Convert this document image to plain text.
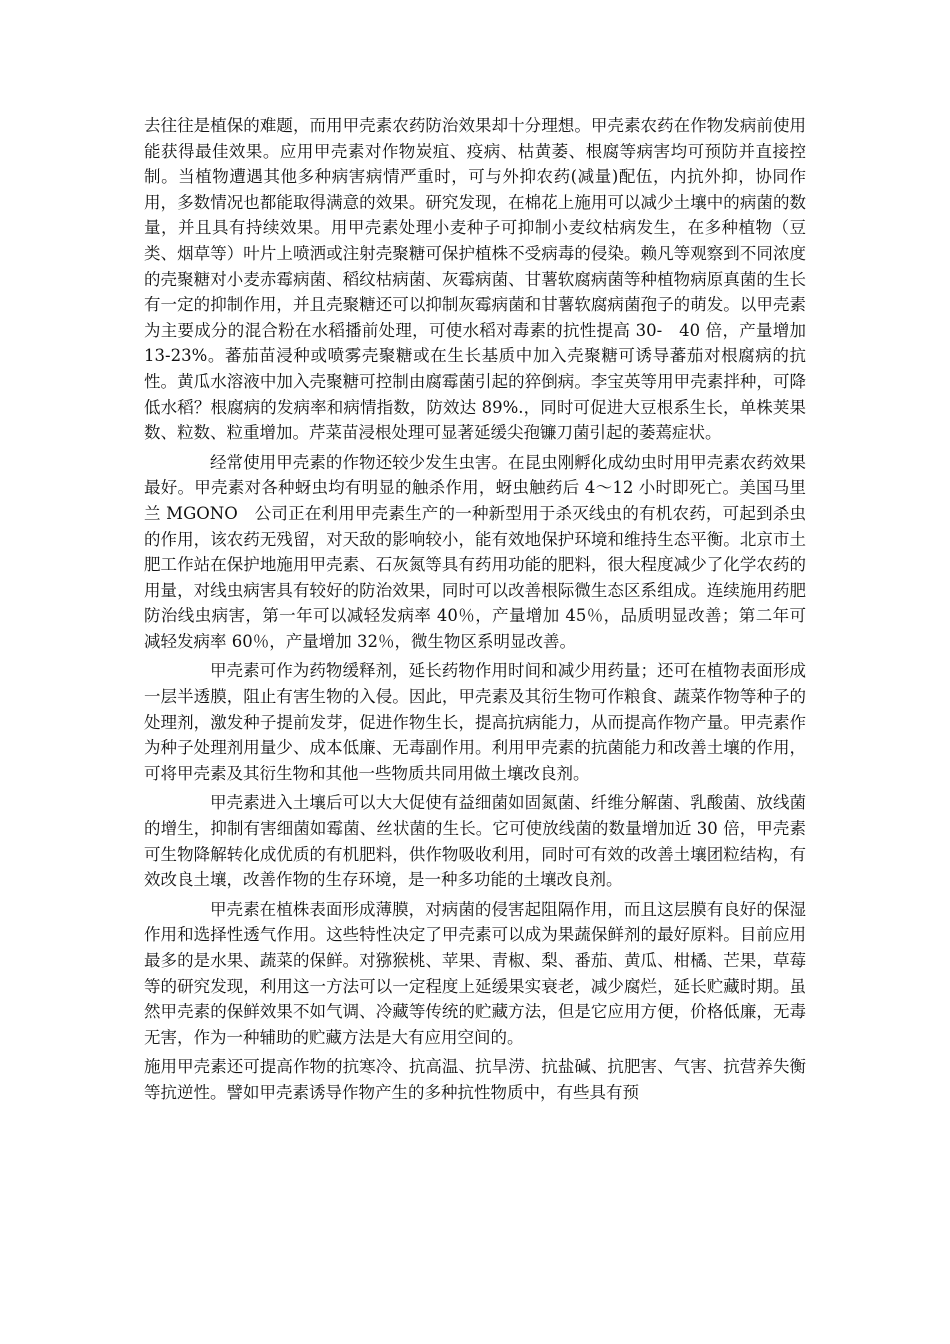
去往往是植保的难题，而用甲壳素农药防治效果却十分理想。甲壳素农药在作物发病前使用能获得最佳效果。应用甲壳素对作物炭疽、疫病、枯黄萎、根腐等病害均可预防并直接控制。当植物遭遇其他多种病害病情严重时，可与外抑农药(减量)配伍，内抗外抑，协同作用，多数情况也都能取得满意的效果。研究发现，在棉花上施用可以减少土壤中的病菌的数量，并且具有持续效果。用甲壳素处理小麦种子可抑制小麦纹枯病发生，在多种植物（豆类、烟草等）叶片上喷洒或注射壳聚糖可保护植株不受病毒的侵染。赖凡等观察到不同浓度的壳聚糖对小麦赤霉病菌、稻纹枯病菌、灰霉病菌、甘薯软腐病菌等种植物病原真菌的生长有一定的抑制作用，并且壳聚糖还可以抑制灰霉病菌和甘薯软腐病菌孢子的萌发。以甲壳素为主要成分的混合粉在水稻播前处理，可使水稻对毒素的抗性提高 30-　40 倍，产量增加 13-23%。蕃茄苗浸种或喷雾壳聚糖或在生长基质中加入壳聚糖可诱导蕃茄对根腐病的抗性。黄瓜水溶液中加入壳聚糖可控制由腐霉菌引起的猝倒病。李宝英等用甲壳素拌种，可降低水稻？根腐病的发病率和病情指数，防效达 89%.，同时可促进大豆根系生长，单株荚果数、粒数、粒重增加。芹菜苗浸根处理可显著延缓尖孢镰刀菌引起的萎蔫症状。

经常使用甲壳素的作物还较少发生虫害。在昆虫刚孵化成幼虫时用甲壳素农药效果最好。甲壳素对各种蚜虫均有明显的触杀作用，蚜虫触药后 4～12 小时即死亡。美国马里兰 MGONO　公司正在利用甲壳素生产的一种新型用于杀灭线虫的有机农药，可起到杀虫的作用，该农药无残留，对天敌的影响较小，能有效地保护环境和维持生态平衡。北京市土肥工作站在保护地施用甲壳素、石灰氮等具有药用功能的肥料，很大程度减少了化学农药的用量，对线虫病害具有较好的防治效果，同时可以改善根际微生态区系组成。连续施用药肥防治线虫病害，第一年可以减轻发病率 40％，产量增加 45％，品质明显改善；第二年可减轻发病率 60％，产量增加 32％，微生物区系明显改善。

甲壳素可作为药物缓释剂，延长药物作用时间和减少用药量；还可在植物表面形成一层半透膜，阻止有害生物的入侵。因此，甲壳素及其衍生物可作粮食、蔬菜作物等种子的处理剂，激发种子提前发芽，促进作物生长，提高抗病能力，从而提高作物产量。甲壳素作为种子处理剂用量少、成本低廉、无毒副作用。利用甲壳素的抗菌能力和改善土壤的作用，可将甲壳素及其衍生物和其他一些物质共同用做土壤改良剂。

甲壳素进入土壤后可以大大促使有益细菌如固氮菌、纤维分解菌、乳酸菌、放线菌的增生，抑制有害细菌如霉菌、丝状菌的生长。它可使放线菌的数量增加近 30 倍，甲壳素可生物降解转化成优质的有机肥料，供作物吸收利用，同时可有效的改善土壤团粒结构，有效改良土壤，改善作物的生存环境，是一种多功能的土壤改良剂。

甲壳素在植株表面形成薄膜，对病菌的侵害起阻隔作用，而且这层膜有良好的保湿作用和选择性透气作用。这些特性决定了甲壳素可以成为果蔬保鲜剂的最好原料。目前应用最多的是水果、蔬菜的保鲜。对猕猴桃、苹果、青椒、梨、番茄、黄瓜、柑橘、芒果，草莓等的研究发现，利用这一方法可以一定程度上延缓果实衰老，减少腐烂，延长贮藏时期。虽然甲壳素的保鲜效果不如气调、冷藏等传统的贮藏方法，但是它应用方便，价格低廉，无毒无害，作为一种辅助的贮藏方法是大有应用空间的。

施用甲壳素还可提高作物的抗寒冷、抗高温、抗旱涝、抗盐碱、抗肥害、气害、抗营养失衡等抗逆性。譬如甲壳素诱导作物产生的多种抗性物质中，有些具有预
